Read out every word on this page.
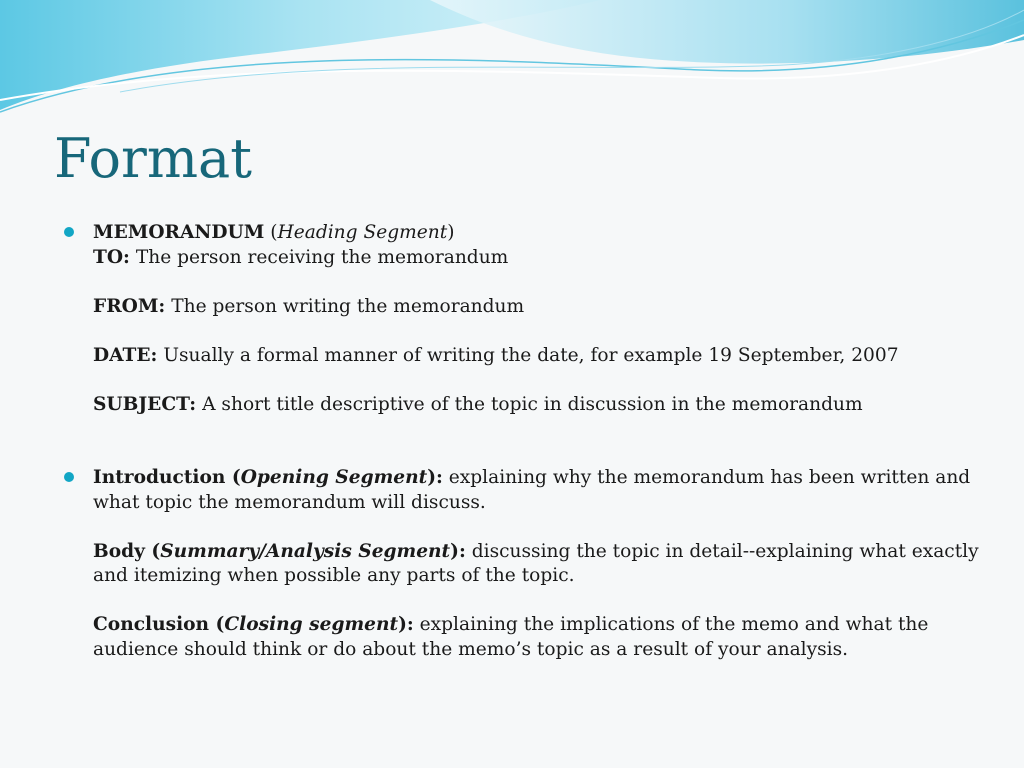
Format
MEMORANDUM (Heading Segment)
TO: The person receiving the memorandum
FROM: The person writing the memorandum
DATE: Usually a formal manner of writing the date, for example 19 September, 2007
SUBJECT: A short title descriptive of the topic in discussion in the memorandum
Introduction (Opening Segment): explaining why the memorandum has been written and what topic the memorandum will discuss.
Body (Summary/Analysis Segment): discussing the topic in detail--explaining what exactly and itemizing when possible any parts of the topic.
Conclusion (Closing segment): explaining the implications of the memo and what the audience should think or do about the memo’s topic as a result of your analysis.
